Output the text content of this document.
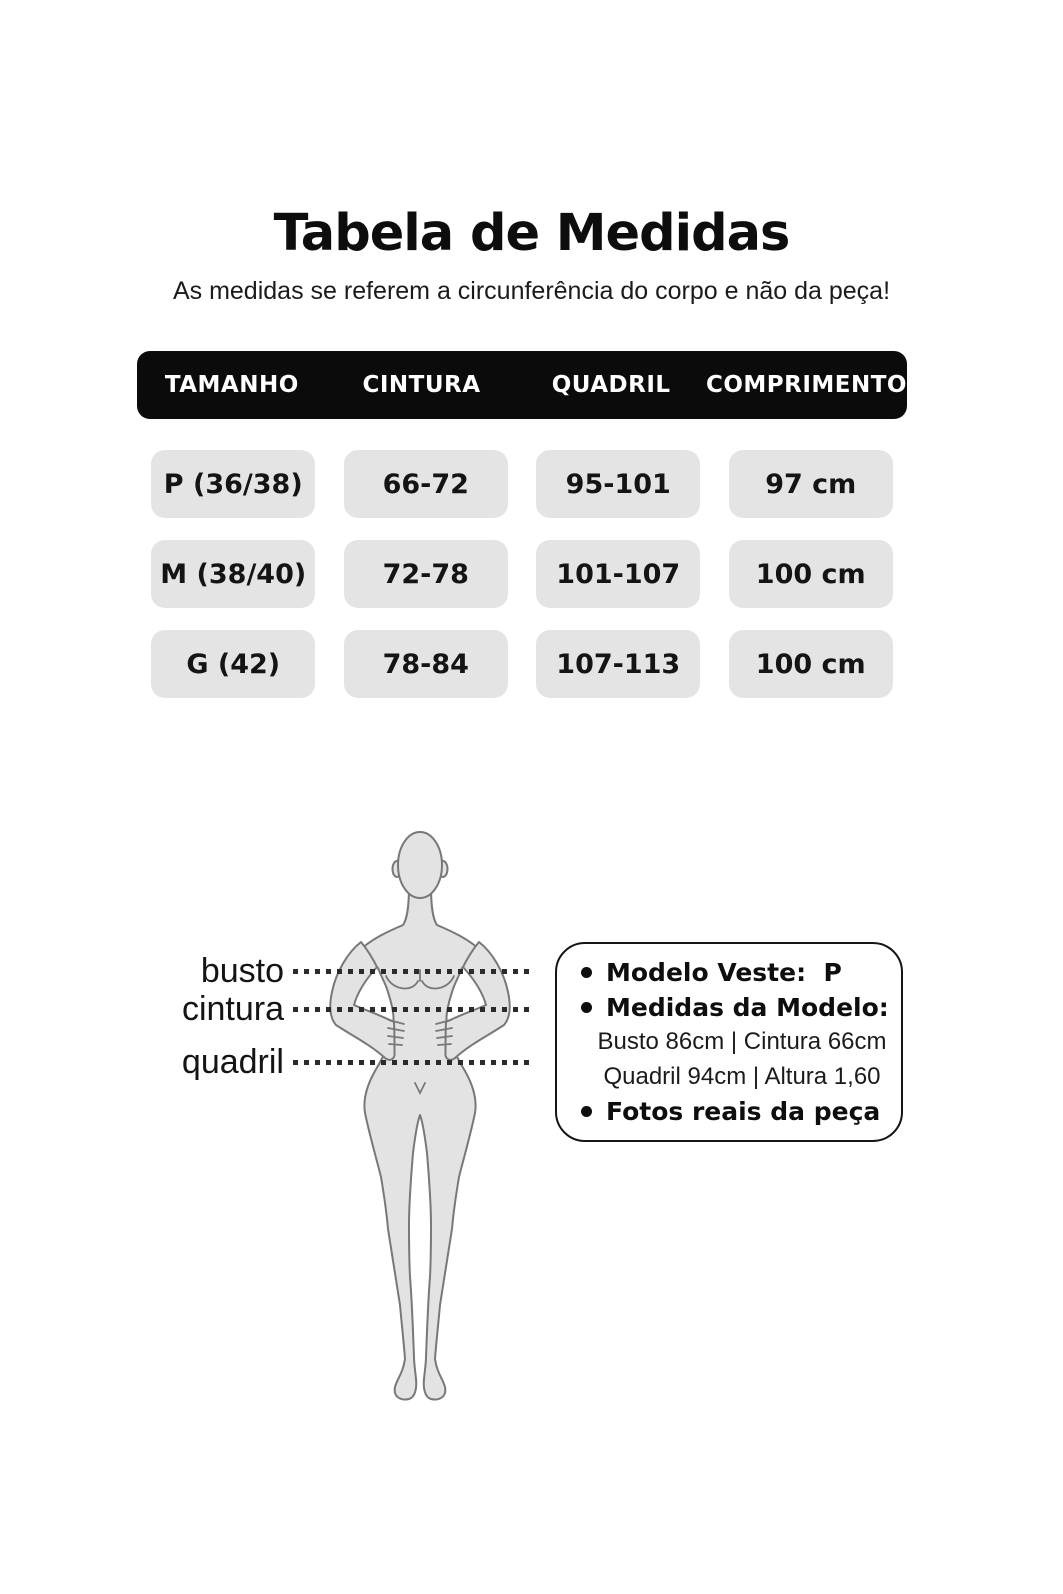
Tabela de Medidas
As medidas se referem a circunferência do corpo e não da peça!
TAMANHO	CINTURA	QUADRIL	COMPRIMENTO
P (36/38)	66-72	95-101	97 cm
M (38/40)	72-78	101-107	100 cm
G (42)	78-84	107-113	100 cm
busto
cintura
quadril
Modelo Veste:  P
Medidas da Modelo:
Busto 86cm | Cintura 66cm
Quadril 94cm | Altura 1,60
Fotos reais da peça
